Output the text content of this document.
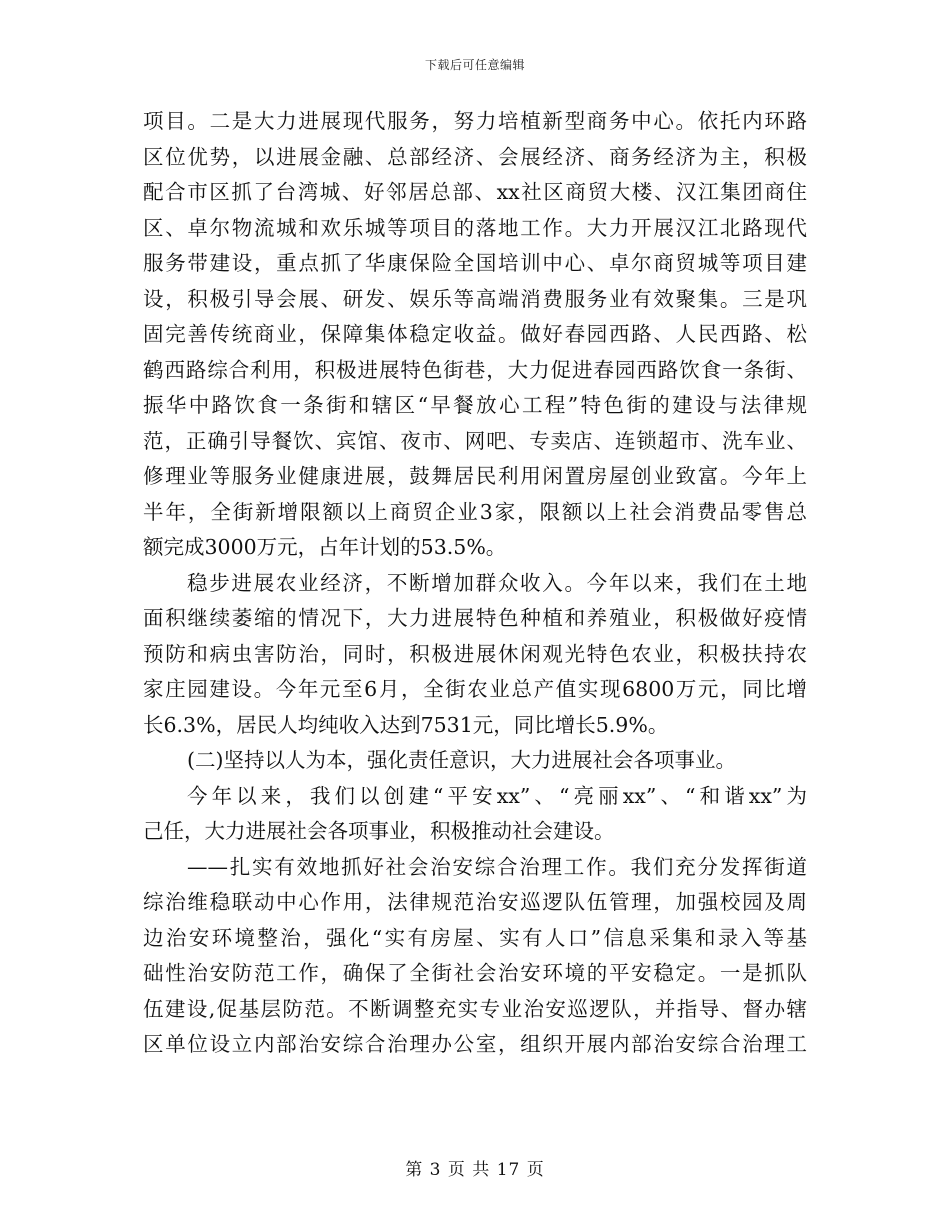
下载后可任意编辑
项目。二是大力进展现代服务，努力培植新型商务中心。依托内环路
区位优势，以进展金融、总部经济、会展经济、商务经济为主，积极
配合市区抓了台湾城、好邻居总部、xx社区商贸大楼、汉江集团商住
区、卓尔物流城和欢乐城等项目的落地工作。大力开展汉江北路现代
服务带建设，重点抓了华康保险全国培训中心、卓尔商贸城等项目建
设，积极引导会展、研发、娱乐等高端消费服务业有效聚集。三是巩
固完善传统商业，保障集体稳定收益。做好春园西路、人民西路、松
鹤西路综合利用，积极进展特色街巷，大力促进春园西路饮食一条街、
振华中路饮食一条街和辖区“早餐放心工程”特色街的建设与法律规
范，正确引导餐饮、宾馆、夜市、网吧、专卖店、连锁超市、洗车业、
修理业等服务业健康进展，鼓舞居民利用闲置房屋创业致富。今年上
半年，全街新增限额以上商贸企业3家，限额以上社会消费品零售总
额完成3000万元，占年计划的53.5%。
稳步进展农业经济，不断增加群众收入。今年以来，我们在土地
面积继续萎缩的情况下，大力进展特色种植和养殖业，积极做好疫情
预防和病虫害防治，同时，积极进展休闲观光特色农业，积极扶持农
家庄园建设。今年元至6月，全街农业总产值实现6800万元，同比增
长6.3%，居民人均纯收入达到7531元，同比增长5.9%。
(二)坚持以人为本，强化责任意识，大力进展社会各项事业。
今年以来，我们以创建“平安xx”、“亮丽xx”、“和谐xx”为
己任，大力进展社会各项事业，积极推动社会建设。
——扎实有效地抓好社会治安综合治理工作。我们充分发挥街道
综治维稳联动中心作用，法律规范治安巡逻队伍管理，加强校园及周
边治安环境整治，强化“实有房屋、实有人口”信息采集和录入等基
础性治安防范工作，确保了全街社会治安环境的平安稳定。一是抓队
伍建设,促基层防范。不断调整充实专业治安巡逻队，并指导、督办辖
区单位设立内部治安综合治理办公室，组织开展内部治安综合治理工
第 3 页 共 17 页
